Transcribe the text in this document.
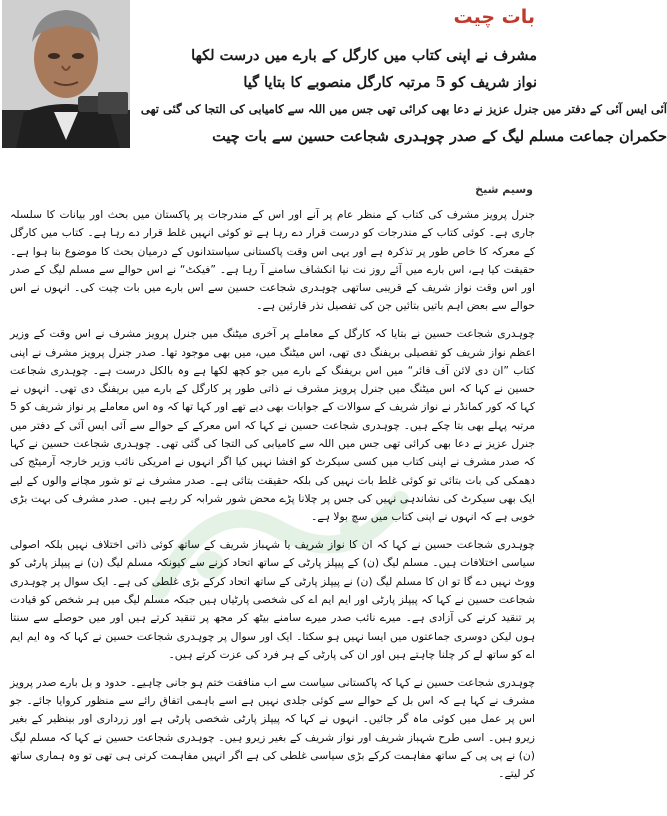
بات چیت
مشرف نے اپنی کتاب میں کارگل کے بارے میں درست لکھا
نواز شریف کو 5 مرتبہ کارگل منصوبے کا بتایا گیا
آئی ایس آئی کے دفتر میں جنرل عزیز نے دعا بھی کرائی تھی جس میں اللہ سے کامیابی کی التجا کی گئی تھی
حکمران جماعت مسلم لیگ کے صدر چوہدری شجاعت حسین سے بات چیت
وسیم شیخ

جنرل پرویز مشرف کی کتاب کے منظر عام پر آنے اور اس کے مندرجات پر پاکستان میں بحث اور بیانات کا سلسلہ جاری ہے۔ کوئی کتاب کے مندرجات کو درست قرار دے رہا ہے تو کوئی انہیں غلط قرار دے رہا ہے۔ کتاب میں کارگل کے معرکہ کا خاص طور پر تذکرہ ہے اور یہی اس وقت پاکستانی سیاستدانوں کے درمیان بحث کا موضوع بنا ہوا ہے۔ حقیقت کیا ہے، اس بارے میں آئے روز نت نیا انکشاف سامنے آ رہا ہے۔ ”فیکٹ“ نے اس حوالے سے مسلم لیگ کے صدر اور اس وقت نواز شریف کے قریبی ساتھی چوہدری شجاعت حسین سے اس بارے میں بات چیت کی۔ انہوں نے اس حوالے سے بعض اہم باتیں بتائیں جن کی تفصیل نذر قارئین ہے۔

چوہدری شجاعت حسین نے بتایا کہ کارگل کے معاملے پر آخری میٹنگ میں جنرل پرویز مشرف نے اس وقت کے وزیر اعظم نواز شریف کو تفصیلی بریفنگ دی تھی، اس میٹنگ میں، میں بھی موجود تھا۔ صدر جنرل پرویز مشرف نے اپنی کتاب ”ان دی لائن آف فائر“ میں اس بریفنگ کے بارے میں جو کچھ لکھا ہے وہ بالکل درست ہے۔ چوہدری شجاعت حسین نے کہا کہ اس میٹنگ میں جنرل پرویز مشرف نے ذاتی طور پر کارگل کے بارے میں بریفنگ دی تھی۔ انہوں نے کہا کہ کور کمانڈر نے نواز شریف کے سوالات کے جوابات بھی دیے تھے اور کہا تھا کہ وہ اس معاملے پر نواز شریف کو 5 مرتبہ پہلے بھی بتا چکے ہیں۔ چوہدری شجاعت حسین نے کہا کہ اس معرکے کے حوالے سے آئی ایس آئی کے دفتر میں جنرل عزیز نے دعا بھی کرائی تھی جس میں اللہ سے کامیابی کی التجا کی گئی تھی۔ چوہدری شجاعت حسین نے کہا کہ صدر مشرف نے اپنی کتاب میں کسی سیکرٹ کو افشا نہیں کیا اگر انہوں نے امریکی نائب وزیر خارجہ آرمیٹج کی دھمکی کی بات بتائی تو کوئی غلط بات نہیں کی بلکہ حقیقت بتائی ہے۔ صدر مشرف نے تو شور مچانے والوں کے لیے ایک بھی سیکرٹ کی نشاندہی نہیں کی جس پر چلانا پڑے محض شور شرابہ کر رہے ہیں۔ صدر مشرف کی بہت بڑی خوبی ہے کہ انہوں نے اپنی کتاب میں سچ بولا ہے۔

چوہدری شجاعت حسین نے کہا کہ ان کا نواز شریف یا شہباز شریف کے ساتھ کوئی ذاتی اختلاف نہیں بلکہ اصولی سیاسی اختلافات ہیں۔ مسلم لیگ (ن) کے پیپلز پارٹی کے ساتھ اتحاد کرنے سے کیونکہ مسلم لیگ (ن) نے پیپلز پارٹی کو ووٹ نہیں دے گا تو ان کا مسلم لیگ (ن) نے پیپلز پارٹی کے ساتھ اتحاد کرکے بڑی غلطی کی ہے۔ ایک سوال پر چوہدری شجاعت حسین نے کہا کہ پیپلز پارٹی اور ایم ایم اے کی شخصی پارٹیاں ہیں جبکہ مسلم لیگ میں ہر شخص کو قیادت پر تنقید کرنے کی آزادی ہے۔ میرے نائب صدر میرے سامنے بیٹھ کر مجھ پر تنقید کرتے ہیں اور میں حوصلے سے سنتا ہوں لیکن دوسری جماعتوں میں ایسا نہیں ہو سکتا۔ ایک اور سوال پر چوہدری شجاعت حسین نے کہا کہ وہ ایم ایم اے کو ساتھ لے کر چلنا چاہتے ہیں اور ان کی پارٹی کے ہر فرد کی عزت کرتے ہیں۔

چوہدری شجاعت حسین نے کہا کہ پاکستانی سیاست سے اب منافقت ختم ہو جانی چاہیے۔ حدود و بل بارے صدر پرویز مشرف نے کہا ہے کہ اس بل کے حوالے سے کوئی جلدی نہیں ہے اسے باہمی اتفاق رائے سے منظور کروایا جائے۔ جو اس پر عمل میں کوئی ماہ گر جائیں۔ انہوں نے کہا کہ پیپلز پارٹی شخصی پارٹی ہے اور زرداری اور بینظیر کے بغیر زیرو ہیں۔ اسی طرح شہباز شریف اور نواز شریف کے بغیر زیرو ہیں۔ چوہدری شجاعت حسین نے کہا کہ مسلم لیگ (ن) نے پی پی کے ساتھ مفاہمت کرکے بڑی سیاسی غلطی کی ہے اگر انہیں مفاہمت کرنی ہی تھی تو وہ ہماری ساتھ کر لیتے۔
